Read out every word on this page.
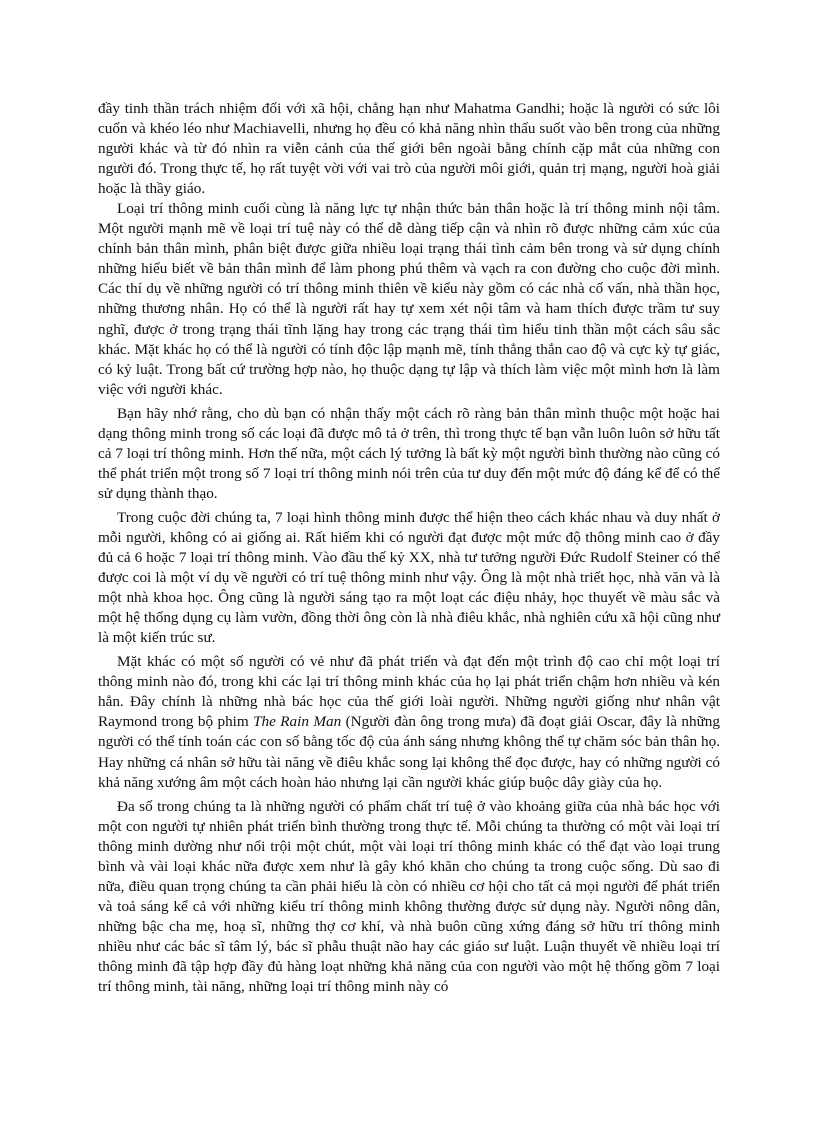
đầy tinh thần trách nhiệm đối với xã hội, chẳng hạn như Mahatma Gandhi; hoặc là người có sức lôi cuốn và khéo léo như Machiavelli, nhưng họ đều có khả năng nhìn thấu suốt vào bên trong của những người khác và từ đó nhìn ra viễn cảnh của thế giới bên ngoài bằng chính cặp mắt của những con người đó. Trong thực tế, họ rất tuyệt vời với vai trò của người môi giới, quản trị mạng, người hoà giải hoặc là thầy giáo.

Loại trí thông minh cuối cùng là năng lực tự nhận thức bản thân hoặc là trí thông minh nội tâm. Một người mạnh mẽ về loại trí tuệ này có thể dễ dàng tiếp cận và nhìn rõ được những cảm xúc của chính bản thân mình, phân biệt được giữa nhiều loại trạng thái tình cảm bên trong và sử dụng chính những hiểu biết về bản thân mình để làm phong phú thêm và vạch ra con đường cho cuộc đời mình. Các thí dụ về những người có trí thông minh thiên về kiểu này gồm có các nhà cố vấn, nhà thần học, những thương nhân. Họ có thể là người rất hay tự xem xét nội tâm và ham thích được trầm tư suy nghĩ, được ở trong trạng thái tĩnh lặng hay trong các trạng thái tìm hiểu tinh thần một cách sâu sắc khác. Mặt khác họ có thể là người có tính độc lập mạnh mẽ, tính thẳng thắn cao độ và cực kỳ tự giác, có kỷ luật. Trong bất cứ trường hợp nào, họ thuộc dạng tự lập và thích làm việc một mình hơn là làm việc với người khác.

Bạn hãy nhớ rằng, cho dù bạn có nhận thấy một cách rõ ràng bản thân mình thuộc một hoặc hai dạng thông minh trong số các loại đã được mô tả ở trên, thì trong thực tế bạn vẫn luôn luôn sở hữu tất cả 7 loại trí thông minh. Hơn thế nữa, một cách lý tưởng là bất kỳ một người bình thường nào cũng có thể phát triển một trong số 7 loại trí thông minh nói trên của tư duy đến một mức độ đáng kể để có thể sử dụng thành thạo.

Trong cuộc đời chúng ta, 7 loại hình thông minh được thể hiện theo cách khác nhau và duy nhất ở mỗi người, không có ai giống ai. Rất hiếm khi có người đạt được một mức độ thông minh cao ở đầy đủ cả 6 hoặc 7 loại trí thông minh. Vào đầu thế kỷ XX, nhà tư tưởng người Đức Rudolf Steiner có thể được coi là một ví dụ về người có trí tuệ thông minh như vậy. Ông là một nhà triết học, nhà văn và là một nhà khoa học. Ông cũng là người sáng tạo ra một loạt các điệu nhảy, học thuyết về màu sắc và một hệ thống dụng cụ làm vườn, đồng thời ông còn là nhà điêu khắc, nhà nghiên cứu xã hội cũng như là một kiến trúc sư.

Mặt khác có một số người có vẻ như đã phát triển và đạt đến một trình độ cao chỉ một loại trí thông minh nào đó, trong khi các lại trí thông minh khác của họ lại phát triển chậm hơn nhiều và kén hẳn. Đây chính là những nhà bác học của thế giới loài người. Những người giống như nhân vật Raymond trong bộ phim The Rain Man (Người đàn ông trong mưa) đã đoạt giải Oscar, đây là những người có thể tính toán các con số bằng tốc độ của ánh sáng nhưng không thể tự chăm sóc bản thân họ. Hay những cá nhân sở hữu tài năng về điêu khắc song lại không thể đọc được, hay có những người có khả năng xướng âm một cách hoàn hảo nhưng lại cần người khác giúp buộc dây giày của họ.

Đa số trong chúng ta là những người có phẩm chất trí tuệ ở vào khoảng giữa của nhà bác học với một con người tự nhiên phát triển bình thường trong thực tế. Mỗi chúng ta thường có một vài loại trí thông minh dường như nổi trội một chút, một vài loại trí thông minh khác có thể đạt vào loại trung bình và vài loại khác nữa được xem như là gây khó khăn cho chúng ta trong cuộc sống. Dù sao đi nữa, điều quan trọng chúng ta cần phải hiểu là còn có nhiều cơ hội cho tất cả mọi người để phát triển và toả sáng kể cả với những kiểu trí thông minh không thường được sử dụng này. Người nông dân, những bậc cha mẹ, hoạ sĩ, những thợ cơ khí, và nhà buôn cũng xứng đáng sở hữu trí thông minh nhiều như các bác sĩ tâm lý, bác sĩ phẫu thuật não hay các giáo sư luật. Luận thuyết về nhiều loại trí thông minh đã tập hợp đầy đủ hàng loạt những khả năng của con người vào một hệ thống gồm 7 loại trí thông minh, tài năng, những loại trí thông minh này có
